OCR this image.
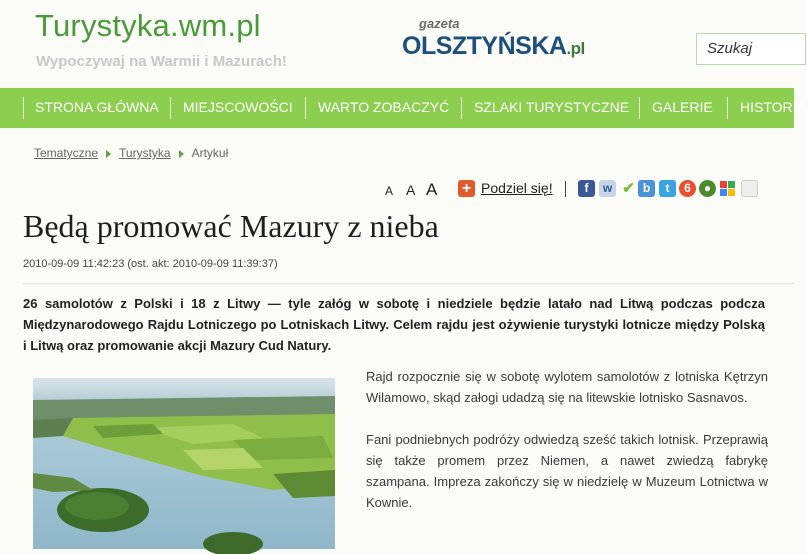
Turystyka.wm.pl
Wypoczywaj na Warmii i Mazurach!
gazeta
OLSZTYŃSKA.pl
Szukaj
STRONA GŁÓWNA MIEJSCOWOŚCI WARTO ZOBACZYĆ SZLAKI TURYSTYCZNE GALERIE HISTORIA
Tematyczne Turystyka Artykuł
A A A + Podziel się!	f	w ✔ b	t	6	●
Będą promować Mazury z nieba
2010-09-09 11:42:23 (ost. akt: 2010-09-09 11:39:37)
26 samolotów z Polski i 18 z Litwy — tyle załóg w sobotę i niedziele będzie latało nad Litwą podczas podcza Międzynarodowego Rajdu Lotniczego po Lotniskach Litwy. Celem rajdu jest ożywienie turystyki lotnicze między Polską i Litwą oraz promowanie akcji Mazury Cud Natury.

Rajd rozpocznie się w sobotę wylotem samolotów z lotniska Kętrzyn Wilamowo, skąd załogi udadzą się na litewskie lotnisko Sasnavos.

Fani podniebnych podróży odwiedzą sześć takich lotnisk. Przeprawią się także promem przez Niemen, a nawet zwiedzą fabrykę szampana. Impreza zakończy się w niedzielę w Muzeum Lotnictwa w Kownie.
